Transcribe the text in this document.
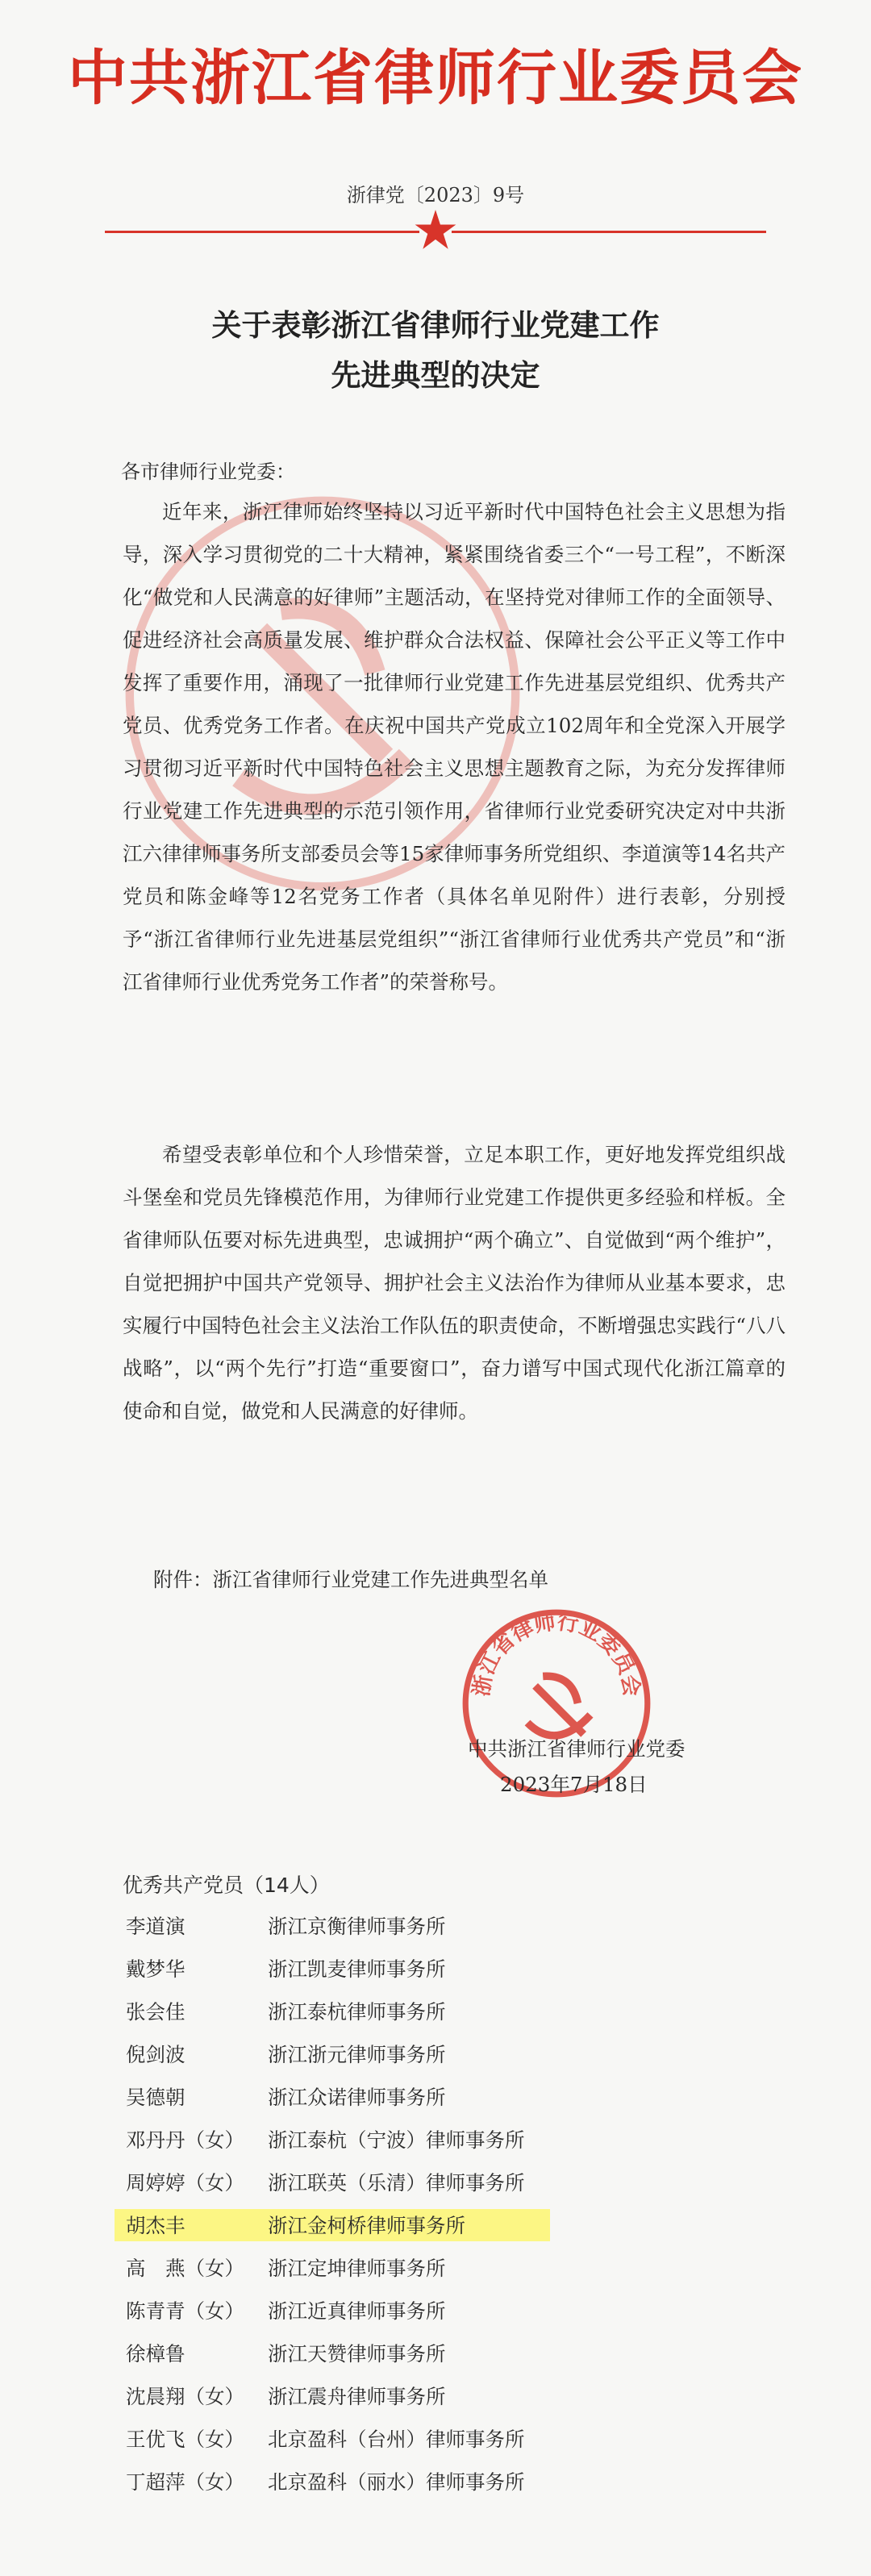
中共浙江省律师行业委员会
浙律党〔2023〕9号
关于表彰浙江省律师行业党建工作
先进典型的决定
各市律师行业党委：
近年来，浙江律师始终坚持以习近平新时代中国特色社会主义思想为指导，深入学习贯彻党的二十大精神，紧紧围绕省委三个“一号工程”，不断深化“做党和人民满意的好律师”主题活动，在坚持党对律师工作的全面领导、促进经济社会高质量发展、维护群众合法权益、保障社会公平正义等工作中发挥了重要作用，涌现了一批律师行业党建工作先进基层党组织、优秀共产党员、优秀党务工作者。在庆祝中国共产党成立102周年和全党深入开展学习贯彻习近平新时代中国特色社会主义思想主题教育之际，为充分发挥律师行业党建工作先进典型的示范引领作用，省律师行业党委研究决定对中共浙江六律律师事务所支部委员会等15家律师事务所党组织、李道演等14名共产党员和陈金峰等12名党务工作者（具体名单见附件）进行表彰，分别授予“浙江省律师行业先进基层党组织”“浙江省律师行业优秀共产党员”和“浙江省律师行业优秀党务工作者”的荣誉称号。
希望受表彰单位和个人珍惜荣誉，立足本职工作，更好地发挥党组织战斗堡垒和党员先锋模范作用，为律师行业党建工作提供更多经验和样板。全省律师队伍要对标先进典型，忠诚拥护“两个确立”、自觉做到“两个维护”，自觉把拥护中国共产党领导、拥护社会主义法治作为律师从业基本要求，忠实履行中国特色社会主义法治工作队伍的职责使命，不断增强忠实践行“八八战略”，以“两个先行”打造“重要窗口”，奋力谱写中国式现代化浙江篇章的使命和自觉，做党和人民满意的好律师。
附件：浙江省律师行业党建工作先进典型名单
浙江省律师行业委员会
中共浙江省律师行业党委
2023年7月18日
优秀共产党员（14人）
李道演	浙江京衡律师事务所
戴梦华	浙江凯麦律师事务所
张会佳	浙江泰杭律师事务所
倪剑波	浙江浙元律师事务所
吴德朝	浙江众诺律师事务所
邓丹丹（女） 浙江泰杭（宁波）律师事务所
周婷婷（女） 浙江联英（乐清）律师事务所
胡杰丰	浙江金柯桥律师事务所
高　燕（女） 浙江定坤律师事务所
陈青青（女） 浙江近真律师事务所
徐樟鲁	浙江天赞律师事务所
沈晨翔（女） 浙江震舟律师事务所
王优飞（女） 北京盈科（台州）律师事务所
丁超萍（女） 北京盈科（丽水）律师事务所
